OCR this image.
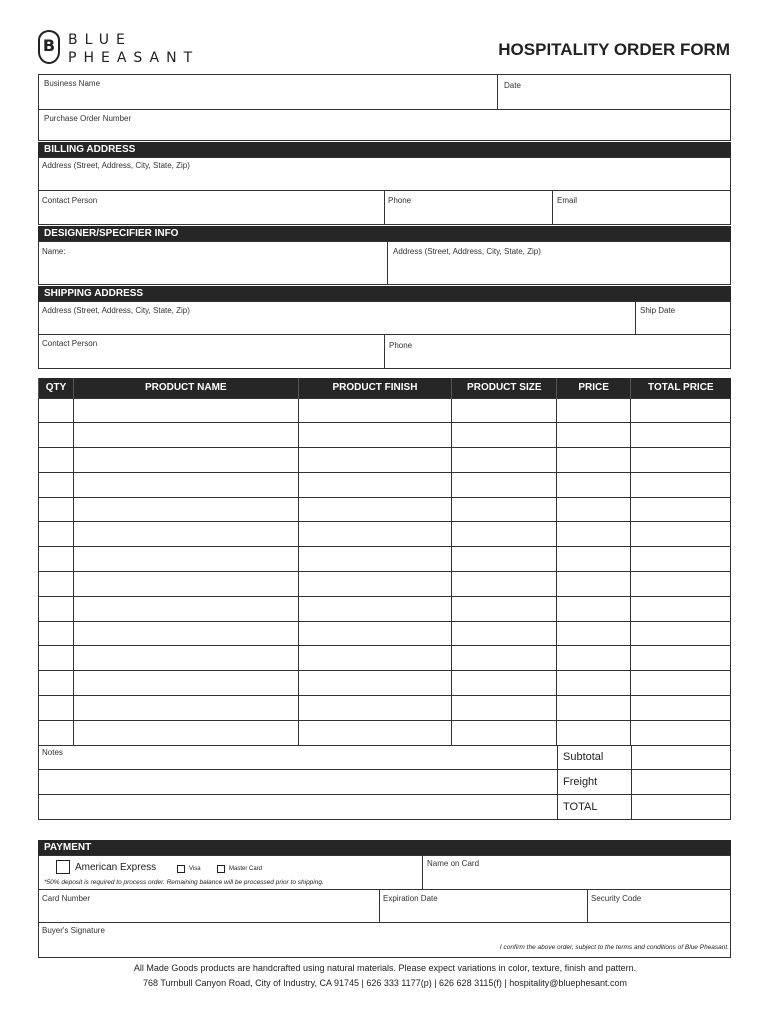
B BLUE
PHEASANT	HOSPITALITY ORDER FORM
Business Name	Date
Purchase Order Number
BILLING ADDRESS
Address (Street, Address, City, State, Zip)
Contact Person	Phone	Email
DESIGNER/SPECIFIER INFO
Name:	Address (Street, Address, City, State, Zip)
SHIPPING ADDRESS
Address (Street, Address, City, State, Zip)	Ship Date
Contact Person	Phone
QTY	PRODUCT NAME	PRODUCT FINISH	PRODUCT SIZE	PRICE	TOTAL PRICE

Notes	Subtotal
Freight
TOTAL
PAYMENT
American Express	Visa	Master Card
*50% deposit is required to process order. Remaining balance will be processed prior to shipping.
Name on Card
Card Number	Expiration Date	Security Code
Buyer's Signature
I confirm the above order, subject to the terms and conditions of Blue Pheasant.
All Made Goods products are handcrafted using natural materials. Please expect variations in color, texture, finish and pattern.
768 Turnbull Canyon Road, City of Industry, CA 91745 | 626 333 1177(p) | 626 628 3115(f) | hospitality@bluephesant.com
